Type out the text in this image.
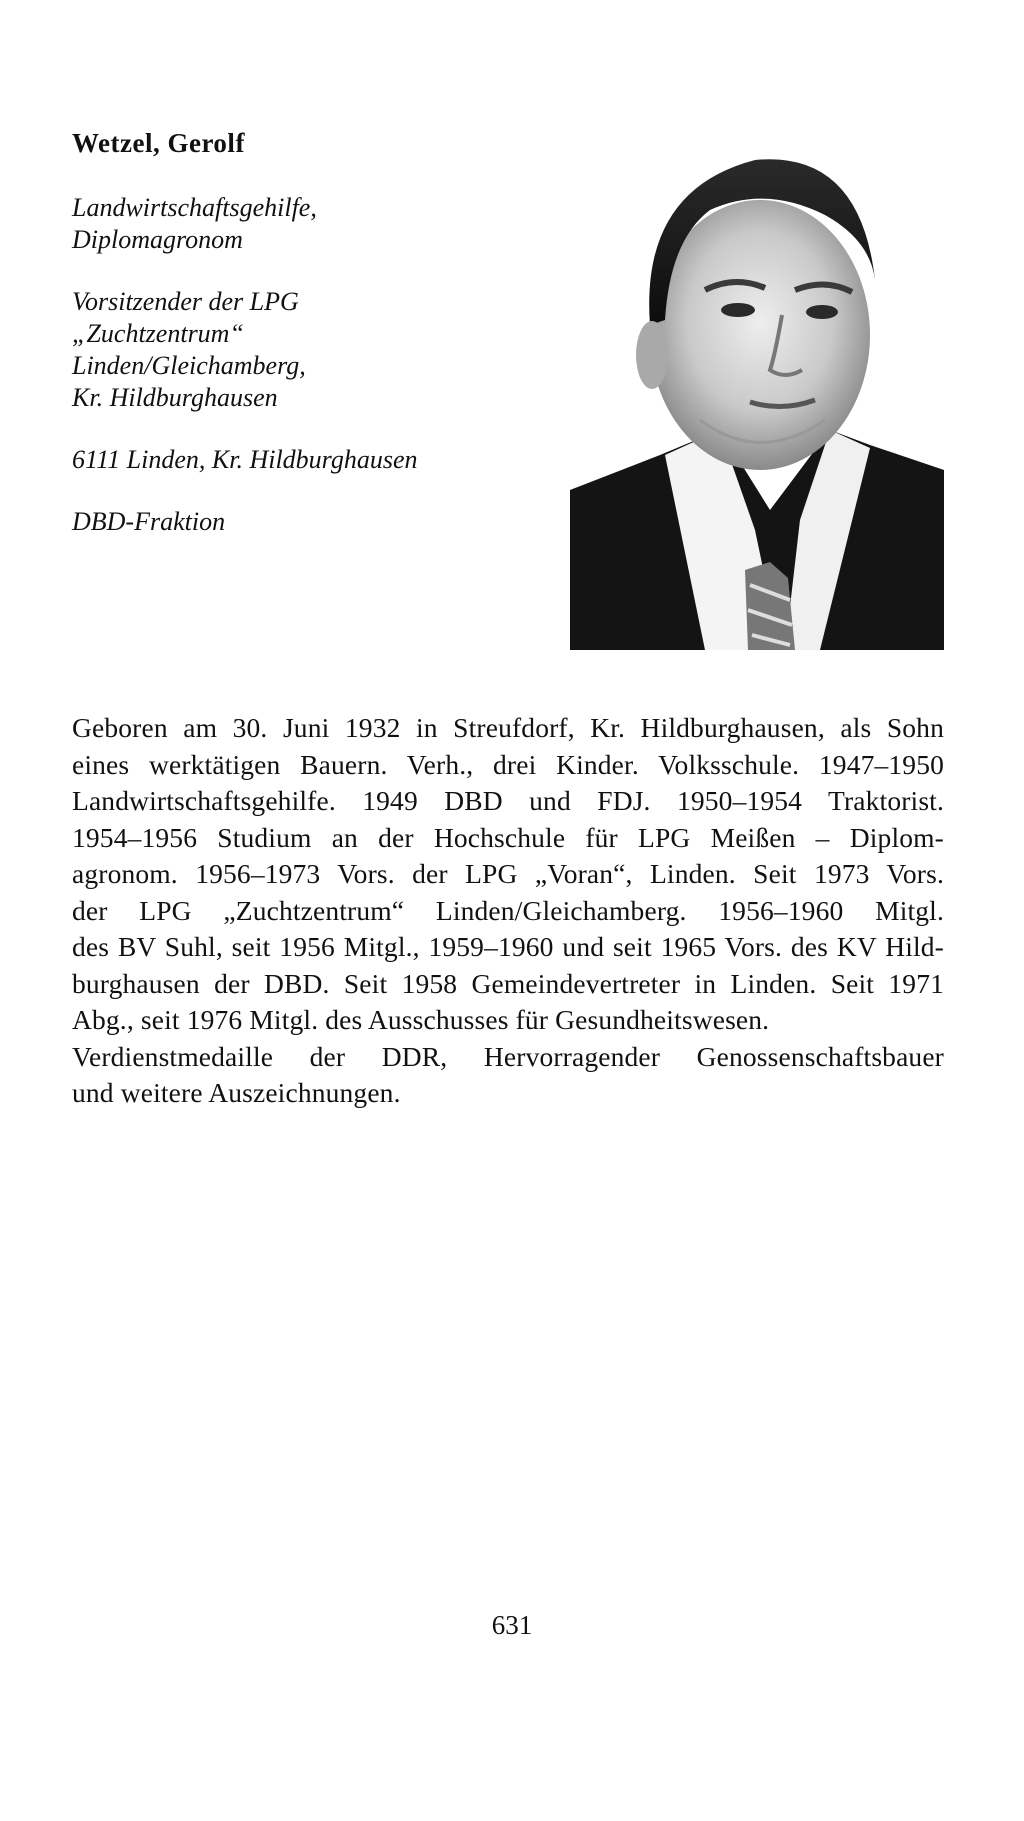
Wetzel, Gerolf
Landwirtschaftsgehilfe,
Diplomagronom
Vorsitzender der LPG
„Zuchtzentrum“
Linden/Gleichamberg,
Kr. Hildburghausen
6111 Linden, Kr. Hildburghausen
DBD-Fraktion
Geboren am 30. Juni 1932 in Streufdorf, Kr. Hildburghausen, als Sohn
eines werktätigen Bauern. Verh., drei Kinder. Volksschule. 1947–1950
Landwirtschaftsgehilfe. 1949 DBD und FDJ. 1950–1954 Traktorist.
1954–1956 Studium an der Hochschule für LPG Meißen – Diplom-
agronom. 1956–1973 Vors. der LPG „Voran“, Linden. Seit 1973 Vors.
der LPG „Zuchtzentrum“ Linden/Gleichamberg. 1956–1960 Mitgl.
des BV Suhl, seit 1956 Mitgl., 1959–1960 und seit 1965 Vors. des KV Hild-
burghausen der DBD. Seit 1958 Gemeindevertreter in Linden. Seit 1971
Abg., seit 1976 Mitgl. des Ausschusses für Gesundheitswesen.
Verdienstmedaille der DDR, Hervorragender Genossenschaftsbauer
und weitere Auszeichnungen.
631
